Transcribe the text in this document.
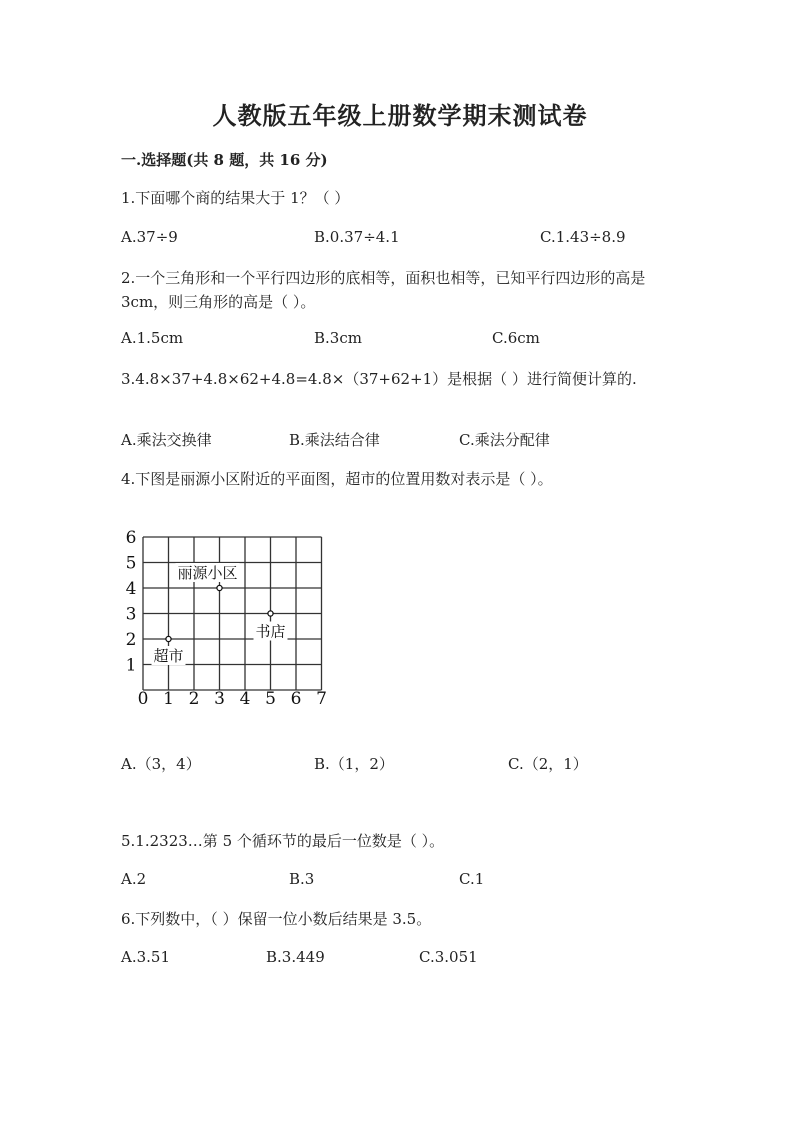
人教版五年级上册数学期末测试卷
一.选择题(共 8 题，共 16 分)
1.下面哪个商的结果大于 1？（ ）
A.37÷9	B.0.37÷4.1	C.1.43÷8.9
2.一个三角形和一个平行四边形的底相等，面积也相等，已知平行四边形的高是 3cm，则三角形的高是（ ）。
A.1.5cm	B.3cm	C.6cm
3.4.8×37+4.8×62+4.8=4.8×（37+62+1）是根据（ ）进行简便计算的.
A.乘法交换律	B.乘法结合律	C.乘法分配律
4.下图是丽源小区附近的平面图，超市的位置用数对表示是（ ）。
0 1 2 3 4 5 6 7
1
2
3
4
5
6
丽源小区
书店
超市
A.（3，4）	B.（1，2）	C.（2，1）
5.1.2323…第 5 个循环节的最后一位数是（ ）。
A.2	B.3	C.1
6.下列数中，（ ）保留一位小数后结果是 3.5。
A.3.51	B.3.449	C.3.051
